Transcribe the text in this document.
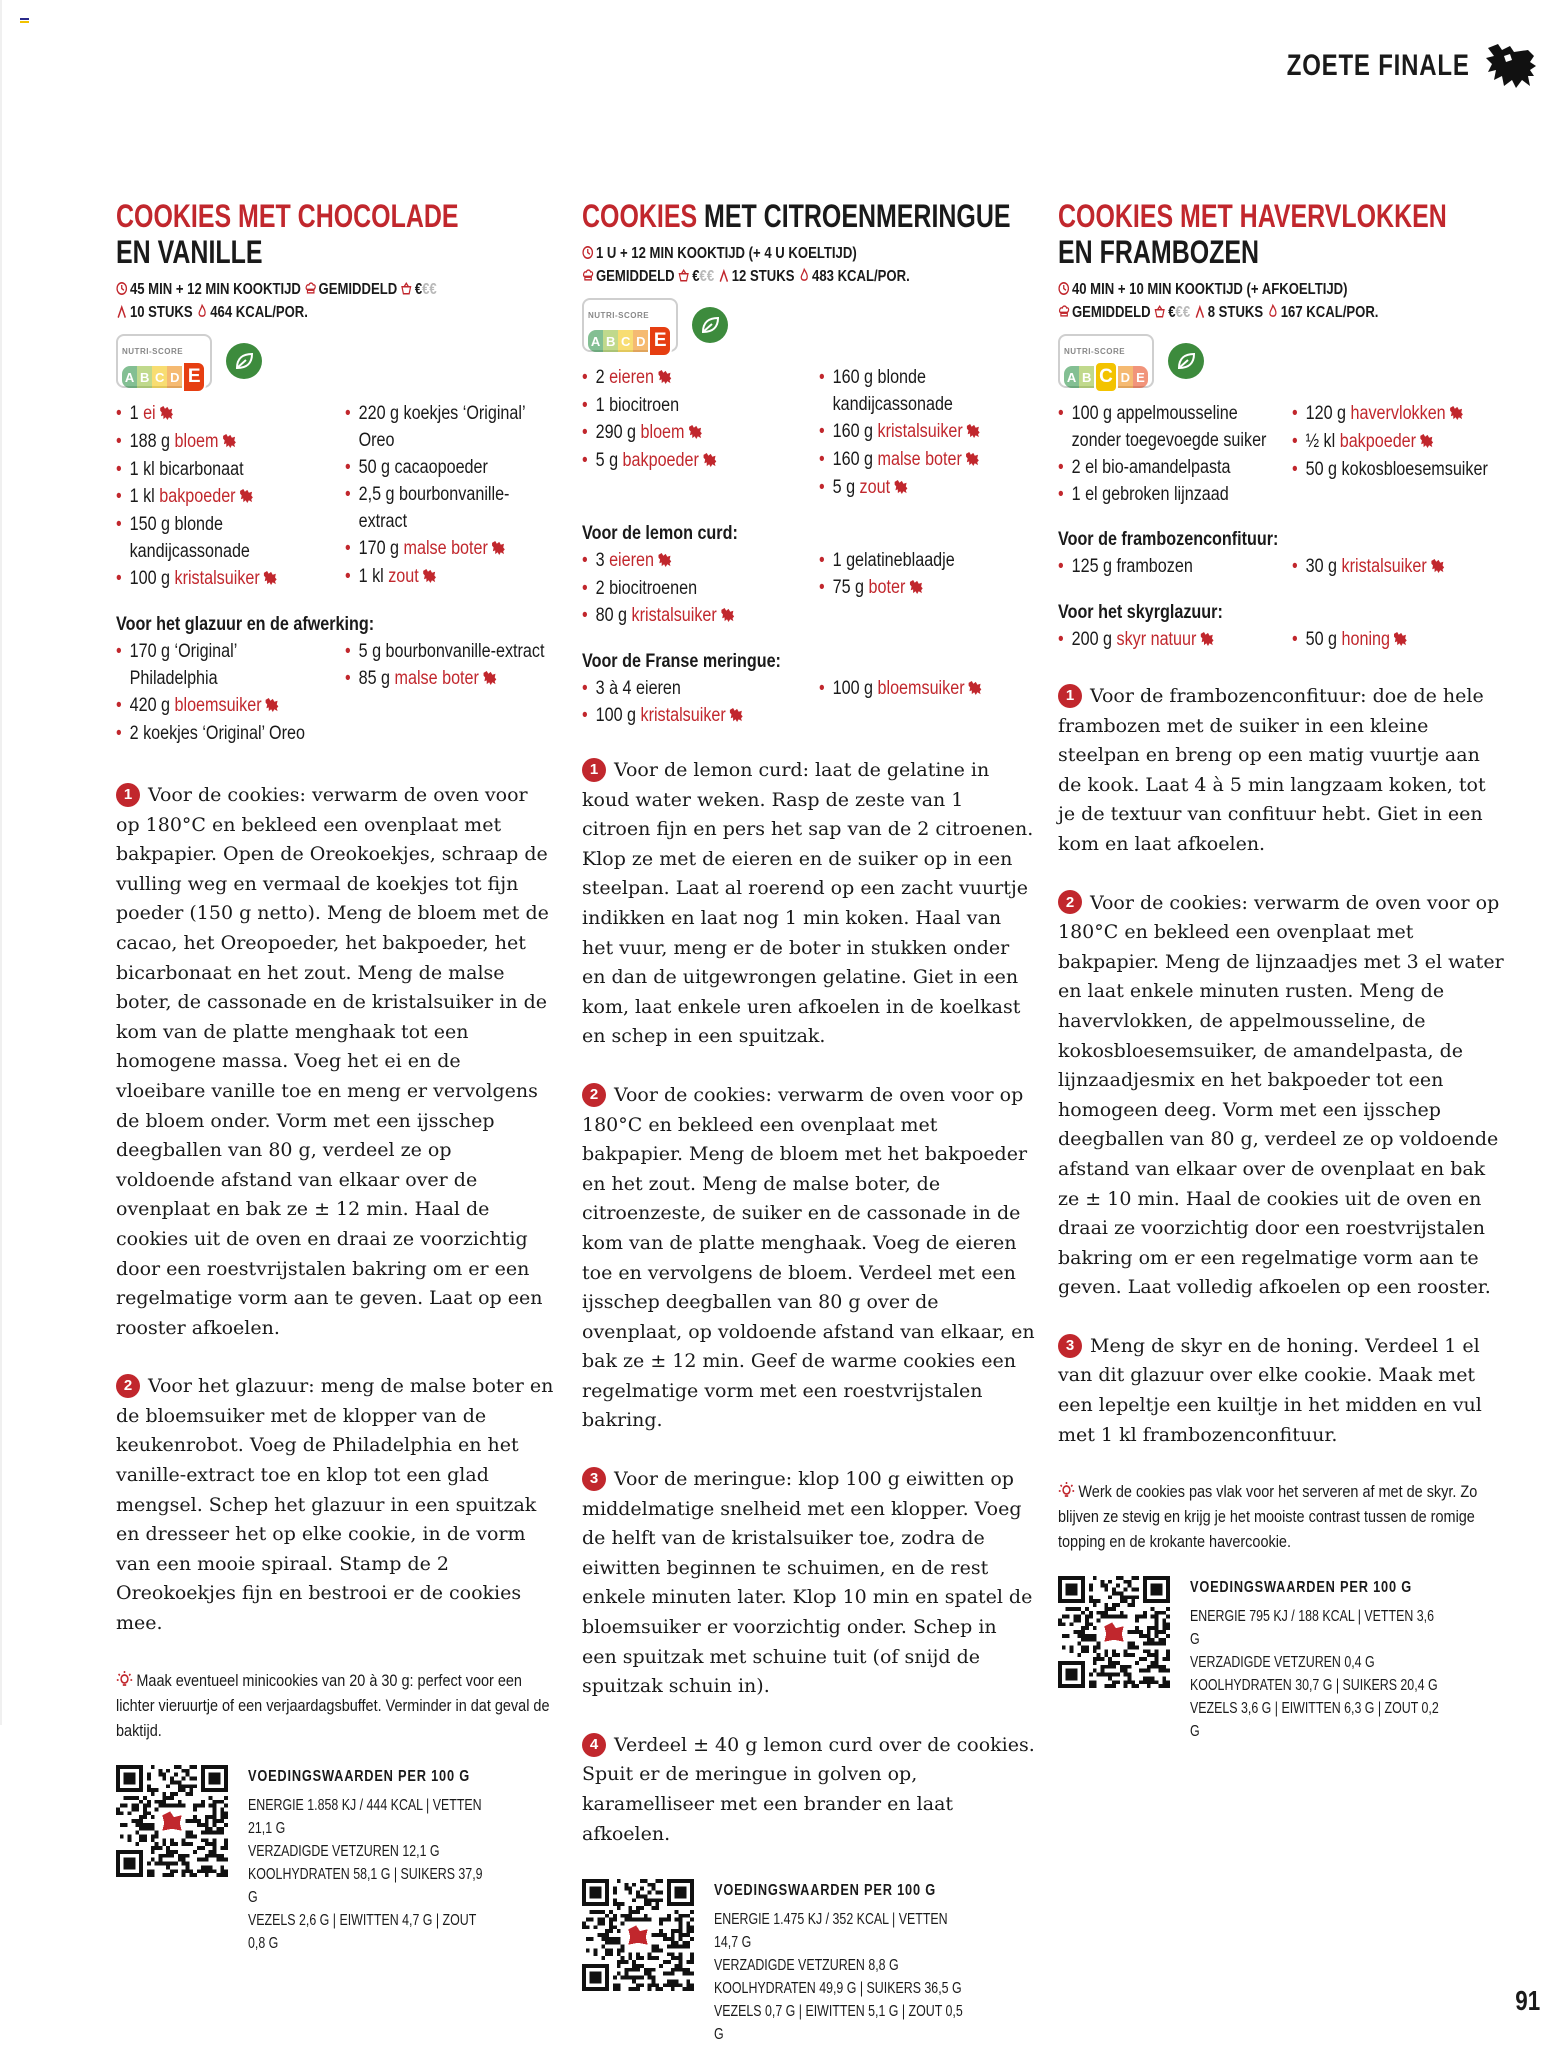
ZOETE FINALE
COOKIES MET CHOCOLADE
EN VANILLE
45 MIN + 12 MIN KOOKTIJD GEMIDDELD €€€
10 STUKS 464 KCAL/POR.
NUTRI-SCORE
A B C D E
• 1 ei
• 188 g bloem
• 1 kl bicarbonaat
• 1 kl bakpoeder
• 150 g blonde kandijcassonade
• 100 g kristalsuiker
• 220 g koekjes ‘Original’ Oreo
• 50 g cacaopoeder
• 2,5 g bourbonvanille-extract
• 170 g malse boter
• 1 kl zout
Voor het glazuur en de afwerking:
• 170 g ‘Original’ Philadelphia
• 420 g bloemsuiker
• 2 koekjes ‘Original’ Oreo
• 5 g bourbonvanille-extract
• 85 g malse boter

1 Voor de cookies: verwarm de oven voor op 180°C en bekleed een ovenplaat met bakpapier. Open de Oreokoekjes, schraap de vulling weg en vermaal de koekjes tot fijn poeder (150 g netto). Meng de bloem met de cacao, het Oreopoeder, het bakpoeder, het bicarbonaat en het zout. Meng de malse boter, de cassonade en de kristalsuiker in de kom van de platte menghaak tot een homogene massa. Voeg het ei en de vloeibare vanille toe en meng er vervolgens de bloem onder. Vorm met een ijsschep deegballen van 80 g, verdeel ze op voldoende afstand van elkaar over de ovenplaat en bak ze ± 12 min. Haal de cookies uit de oven en draai ze voorzichtig door een roestvrijstalen bakring om er een regelmatige vorm aan te geven. Laat op een rooster afkoelen.

2 Voor het glazuur: meng de malse boter en de bloemsuiker met de klopper van de keukenrobot. Voeg de Philadelphia en het vanille-extract toe en klop tot een glad mengsel. Schep het glazuur in een spuitzak en dresseer het op elke cookie, in de vorm van een mooie spiraal. Stamp de 2 Oreokoekjes fijn en bestrooi er de cookies mee.

Maak eventueel minicookies van 20 à 30 g: perfect voor een lichter vieruurtje of een verjaardagsbuffet. Verminder in dat geval de baktijd.
VOEDINGSWAARDEN PER 100 G
ENERGIE 1.858 KJ / 444 KCAL | VETTEN 21,1 G
VERZADIGDE VETZUREN 12,1 G
KOOLHYDRATEN 58,1 G | SUIKERS 37,9 G
VEZELS 2,6 G | EIWITTEN 4,7 G | ZOUT 0,8 G
COOKIES MET CITROENMERINGUE
1 U + 12 MIN KOOKTIJD (+ 4 U KOELTIJD)
GEMIDDELD €€€ 12 STUKS 483 KCAL/POR.
NUTRI-SCORE
A B C D E
• 2 eieren
• 1 biocitroen
• 290 g bloem
• 5 g bakpoeder
• 160 g blonde kandijcassonade
• 160 g kristalsuiker
• 160 g malse boter
• 5 g zout
Voor de lemon curd:
• 3 eieren
• 2 biocitroenen
• 80 g kristalsuiker
• 1 gelatineblaadje
• 75 g boter
Voor de Franse meringue:
• 3 à 4 eieren
• 100 g kristalsuiker
• 100 g bloemsuiker

1 Voor de lemon curd: laat de gelatine in koud water weken. Rasp de zeste van 1 citroen fijn en pers het sap van de 2 citroenen. Klop ze met de eieren en de suiker op in een steelpan. Laat al roerend op een zacht vuurtje indikken en laat nog 1 min koken. Haal van het vuur, meng er de boter in stukken onder en dan de uitgewrongen gelatine. Giet in een kom, laat enkele uren afkoelen in de koelkast en schep in een spuitzak.

2 Voor de cookies: verwarm de oven voor op 180°C en bekleed een ovenplaat met bakpapier. Meng de bloem met het bakpoeder en het zout. Meng de malse boter, de citroenzeste, de suiker en de cassonade in de kom van de platte menghaak. Voeg de eieren toe en vervolgens de bloem. Verdeel met een ijsschep deegballen van 80 g over de ovenplaat, op voldoende afstand van elkaar, en bak ze ± 12 min. Geef de warme cookies een regelmatige vorm met een roestvrijstalen bakring.

3 Voor de meringue: klop 100 g eiwitten op middelmatige snelheid met een klopper. Voeg de helft van de kristalsuiker toe, zodra de eiwitten beginnen te schuimen, en de rest enkele minuten later. Klop 10 min en spatel de bloemsuiker er voorzichtig onder. Schep in een spuitzak met schuine tuit (of snijd de spuitzak schuin in).

4 Verdeel ± 40 g lemon curd over de cookies. Spuit er de meringue in golven op, karamelliseer met een brander en laat afkoelen.

VOEDINGSWAARDEN PER 100 G
ENERGIE 1.475 KJ / 352 KCAL | VETTEN 14,7 G
VERZADIGDE VETZUREN 8,8 G
KOOLHYDRATEN 49,9 G | SUIKERS 36,5 G
VEZELS 0,7 G | EIWITTEN 5,1 G | ZOUT 0,5 G
COOKIES MET HAVERVLOKKEN
EN FRAMBOZEN
40 MIN + 10 MIN KOOKTIJD (+ AFKOELTIJD)
GEMIDDELD €€€ 8 STUKS 167 KCAL/POR.
NUTRI-SCORE
A B C D E
• 100 g appelmousseline zonder toegevoegde suiker
• 2 el bio-amandelpasta
• 1 el gebroken lijnzaad
• 120 g havervlokken
• ½ kl bakpoeder
• 50 g kokosbloesemsuiker
Voor de frambozenconfituur:
• 125 g frambozen	• 30 g kristalsuiker
Voor het skyrglazuur:
• 200 g skyr natuur	• 50 g honing

1 Voor de frambozenconfituur: doe de hele frambozen met de suiker in een kleine steelpan en breng op een matig vuurtje aan de kook. Laat 4 à 5 min langzaam koken, tot je de textuur van confituur hebt. Giet in een kom en laat afkoelen.

2 Voor de cookies: verwarm de oven voor op 180°C en bekleed een ovenplaat met bakpapier. Meng de lijnzaadjes met 3 el water en laat enkele minuten rusten. Meng de havervlokken, de appelmousseline, de kokosbloesemsuiker, de amandelpasta, de lijnzaadjesmix en het bakpoeder tot een homogeen deeg. Vorm met een ijsschep deegballen van 80 g, verdeel ze op voldoende afstand van elkaar over de ovenplaat en bak ze ± 10 min. Haal de cookies uit de oven en draai ze voorzichtig door een roestvrijstalen bakring om er een regelmatige vorm aan te geven. Laat volledig afkoelen op een rooster.

3 Meng de skyr en de honing. Verdeel 1 el van dit glazuur over elke cookie. Maak met een lepeltje een kuiltje in het midden en vul met 1 kl frambozenconfituur.

Werk de cookies pas vlak voor het serveren af met de skyr. Zo blijven ze stevig en krijg je het mooiste contrast tussen de romige topping en de krokante havercookie.
VOEDINGSWAARDEN PER 100 G
ENERGIE 795 KJ / 188 KCAL | VETTEN 3,6 G
VERZADIGDE VETZUREN 0,4 G
KOOLHYDRATEN 30,7 G | SUIKERS 20,4 G
VEZELS 3,6 G | EIWITTEN 6,3 G | ZOUT 0,2 G
91
